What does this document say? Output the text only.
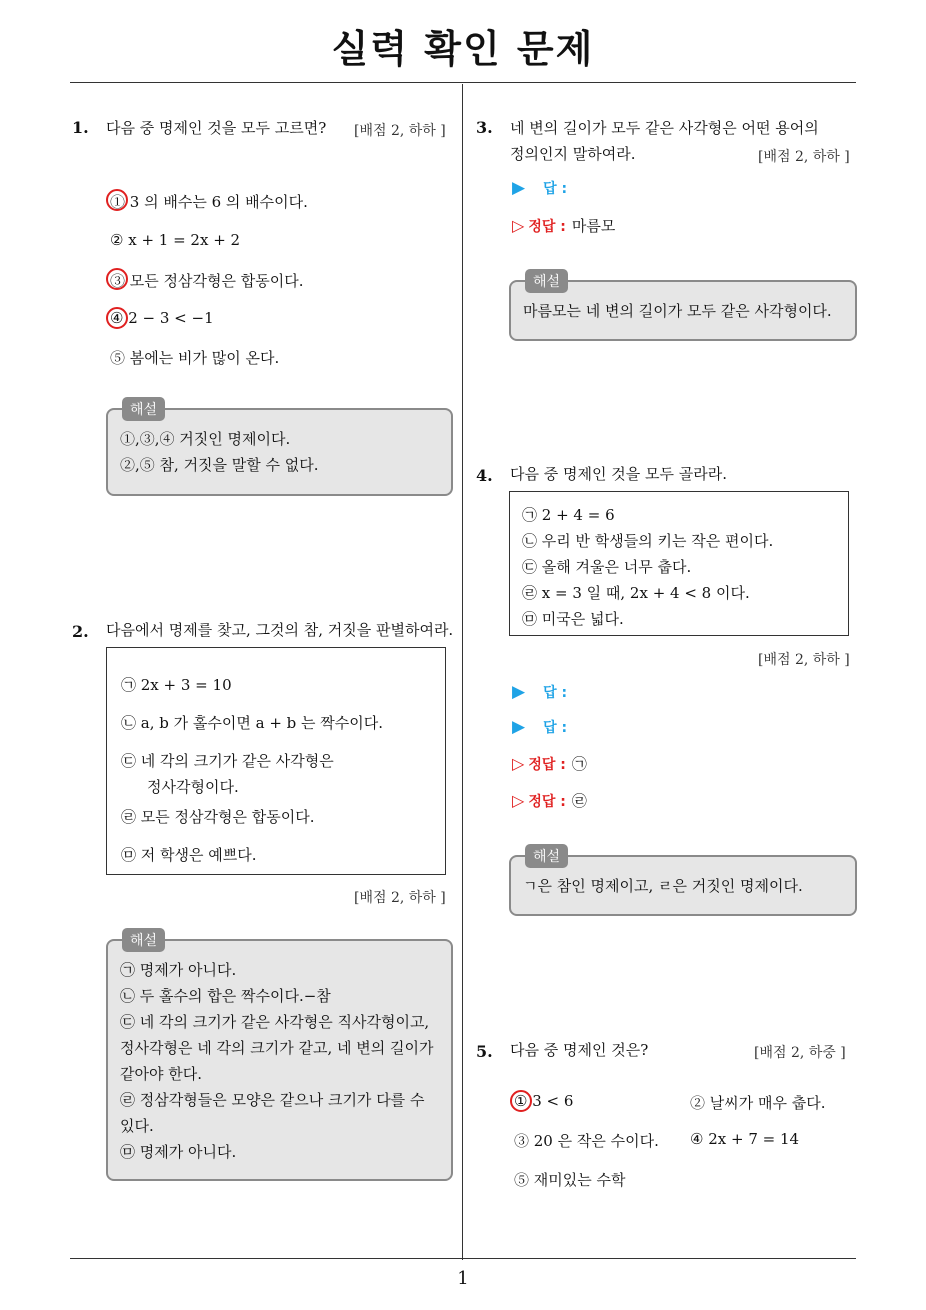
실력 확인 문제
1
1. 다음 중 명제인 것을 모두 고르면? [배점 2, 하하 ]
① 3 의 배수는 6 의 배수이다.
② x + 1 = 2x + 2
③ 모든 정삼각형은 합동이다.
④ 2 − 3 < −1
⑤ 봄에는 비가 많이 온다.
해설
①,③,④ 거짓인 명제이다.
②,⑤ 참, 거짓을 말할 수 없다.
2. 다음에서 명제를 찾고, 그것의 참, 거짓을 판별하여라.
㉠ 2x + 3 = 10
㉡ a, b 가 홀수이면 a + b 는 짝수이다.
㉢ 네 각의 크기가 같은 사각형은
정사각형이다.
㉣ 모든 정삼각형은 합동이다.
㉤ 저 학생은 예쁘다.
[배점 2, 하하 ]
해설
㉠ 명제가 아니다.
㉡ 두 홀수의 합은 짝수이다.−참
㉢ 네 각의 크기가 같은 사각형은 직사각형이고,
정사각형은 네 각의 크기가 같고, 네 변의 길이가
같아야 한다.
㉣ 정삼각형들은 모양은 같으나 크기가 다를 수
있다.
㉤ 명제가 아니다.
3. 네 변의 길이가 모두 같은 사각형은 어떤 용어의
정의인지 말하여라.	[배점 2, 하하 ]
▶ 답 :
▷ 정답 : 마름모
해설
마름모는 네 변의 길이가 모두 같은 사각형이다.
4. 다음 중 명제인 것을 모두 골라라.
㉠ 2 + 4 = 6
㉡ 우리 반 학생들의 키는 작은 편이다.
㉢ 올해 겨울은 너무 춥다.
㉣ x = 3 일 때, 2x + 4 < 8 이다.
㉤ 미국은 넓다.
[배점 2, 하하 ]
▶ 답 :
▶ 답 :
▷ 정답 : ㉠
▷ 정답 : ㉣
해설
ㄱ은 참인 명제이고, ㄹ은 거짓인 명제이다.
5. 다음 중 명제인 것은?	[배점 2, 하중 ]
① 3 < 6	② 날씨가 매우 춥다.
③ 20 은 작은 수이다. ④ 2x + 7 = 14
⑤ 재미있는 수학
